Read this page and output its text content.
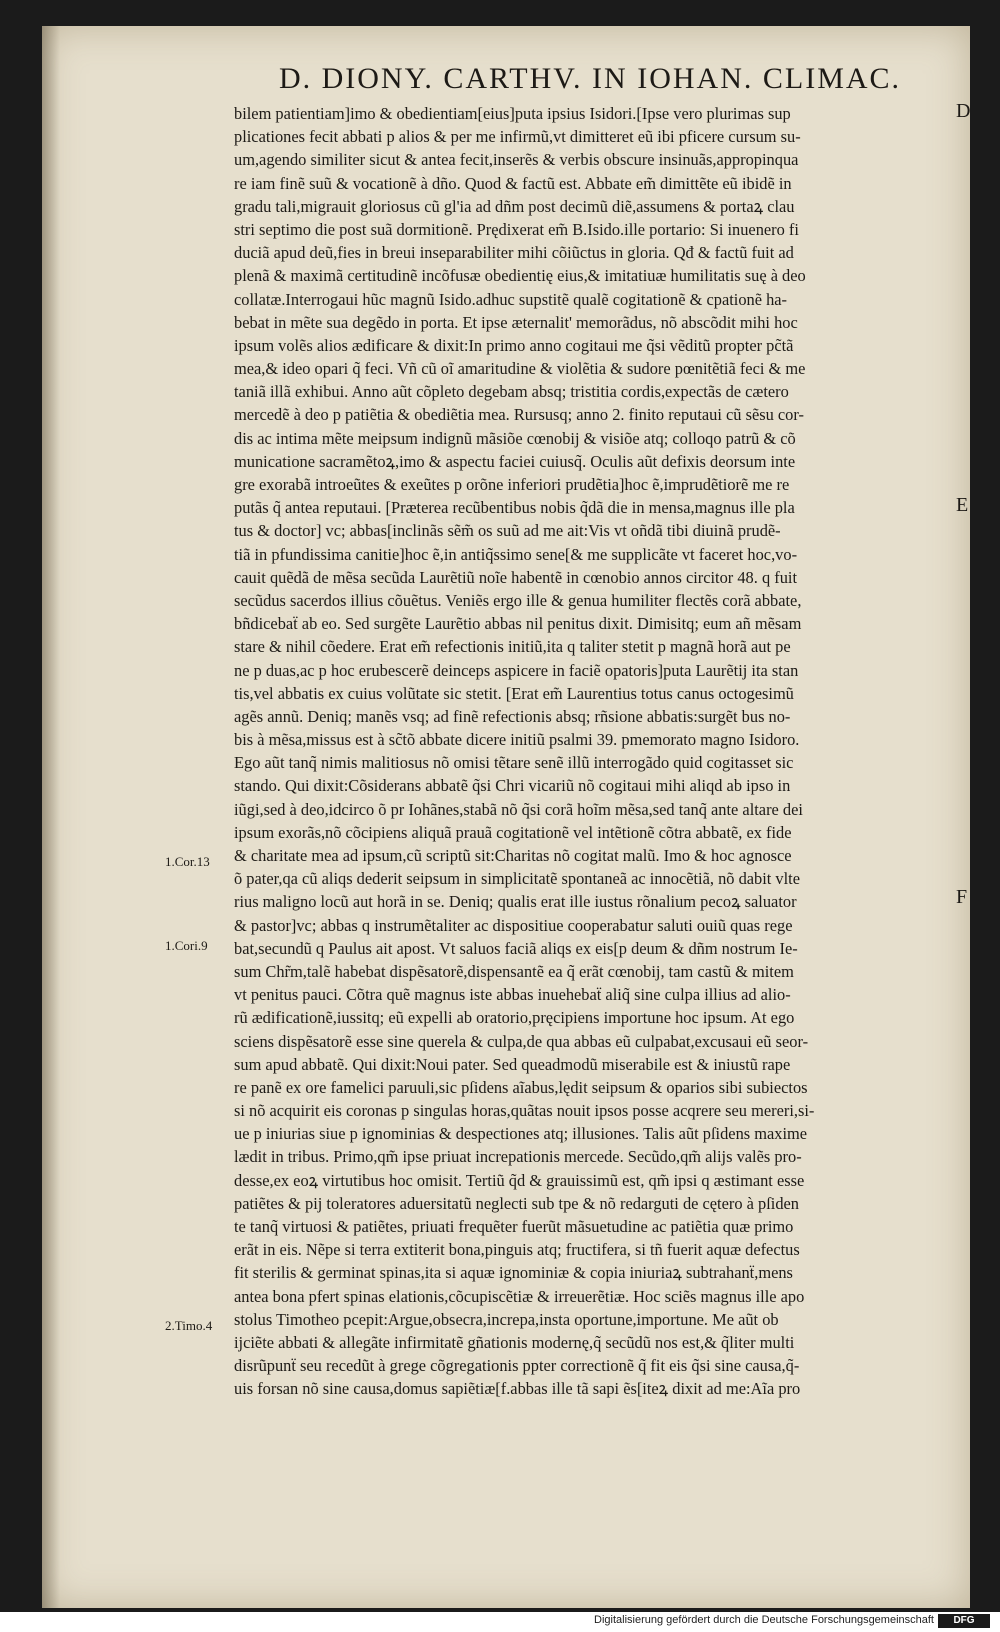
D. DIONY. CARTHV. IN IOHAN. CLIMAC.
bilem patientiam]imo & obedientiam[eius]puta ipsius Isidori.[Ipse vero plurimas sup
plicationes fecit abbati p alios & per me infirmũ,vt dimitteret eũ ibi pficere cursum su-
um,agendo similiter sicut & antea fecit,inserẽs & verbis obscure insinuãs,appropinqua
re iam finẽ suũ & vocationẽ à dño. Quod & factũ est. Abbate em̃ dimittẽte eũ ibidẽ in
gradu tali,migrauit gloriosus cũ gl'ia ad dñm post decimũ diẽ,assumens & portaꝝ clau
stri septimo die post suã dormitionẽ. Prędixerat em̃ B.Isido.ille portario: Si inuenero fi
duciã apud deũ,fies in breui inseparabiliter mihi cõiũctus in gloria. Qđ & factũ fuit ad
plenã & maximã certitudinẽ incõfusæ obedientię eius,& imitatiuæ humilitatis suę à deo
collatæ.Interrogaui hũc magnũ Isido.adhuc supstitẽ qualẽ cogitationẽ & cpationẽ ha-
bebat in mẽte sua degẽdo in porta. Et ipse æternalit' memorãdus, nõ abscõdit mihi hoc
ipsum volẽs alios ædificare & dixit:In primo anno cogitaui me q̃si vẽditũ propter pc̃tã
mea,& ideo opari q̃ feci. Vñ cũ oĩ amaritudine & violẽtia & sudore pœnitẽtiã feci & me
taniã illã exhibui. Anno aũt cõpleto degebam absq; tristitia cordis,expectãs de cætero
mercedẽ à deo p patiẽtia & obediẽtia mea. Rursusq; anno 2. finito reputaui cũ sẽsu cor-
dis ac intima mẽte meipsum indignũ mãsiõe cœnobij & visiõe atq; colloqo patrũ & cõ
municatione sacramẽtoꝝ,imo & aspectu faciei cuiusq̃. Oculis aũt defixis deorsum inte
gre exorabã introeũtes & exeũtes p orõne inferiori prudẽtia]hoc ẽ,imprudẽtiorẽ me re
putãs q̃ antea reputaui. [Præterea recũbentibus nobis q̃dã die in mensa,magnus ille pla
tus & doctor] vc; abbas[inclinãs sẽm̃ os suũ ad me ait:Vis vt oñdã tibi diuinã prudẽ-
tiã in pfundissima canitie]hoc ẽ,in antiq̃ssimo sene[& me supplicãte vt faceret hoc,vo-
cauit quẽdã de mẽsa secũda Laurẽtiũ noĩe habentẽ in cœnobio annos circitor 48. q fuit
secũdus sacerdos illius cõuẽtus. Veniẽs ergo ille & genua humiliter flectẽs corã abbate,
bñdicebaẗ ab eo. Sed surgẽte Laurẽtio abbas nil penitus dixit. Dimisitq; eum añ mẽsam
stare & nihil cõedere. Erat em̃ refectionis initiũ,ita q taliter stetit p magnã horã aut pe
ne p duas,ac p hoc erubescerẽ deinceps aspicere in faciẽ opatoris]puta Laurẽtij ita stan
tis,vel abbatis ex cuius volũtate sic stetit. [Erat em̃ Laurentius totus canus octogesimũ
agẽs annũ. Deniq; manẽs vsq; ad finẽ refectionis absq; rñsione abbatis:surgẽt bus no-
bis à mẽsa,missus est à sc̃tõ abbate dicere initiũ psalmi 39. pmemorato magno Isidoro.
Ego aũt tanq̃ nimis malitiosus nõ omisi tẽtare senẽ illũ interrogãdo quid cogitasset sic
stando. Qui dixit:Cõsiderans abbatẽ q̃si Chri vicariũ nõ cogitaui mihi aliqd ab ipso in
iũgi,sed à deo,idcirco õ pr Iohãnes,stabã nõ q̃si corã hoĩm mẽsa,sed tanq̃ ante altare dei
ipsum exorãs,nõ cõcipiens aliquã prauã cogitationẽ vel intẽtionẽ cõtra abbatẽ, ex fide
& charitate mea ad ipsum,cũ scriptũ sit:Charitas nõ cogitat malũ. Imo & hoc agnosce
õ pater,qa cũ aliqs dederit seipsum in simplicitatẽ spontaneã ac innocẽtiã, nõ dabit vlte
rius maligno locũ aut horã in se. Deniq; qualis erat ille iustus rõnalium pecoꝝ saluator
& pastor]vc; abbas q instrumẽtaliter ac dispositiue cooperabatur saluti ouiũ quas rege
bat,secundũ q Paulus ait apost. Vt saluos faciã aliqs ex eis[p deum & dñm nostrum Ie-
sum Chr̃m,talẽ habebat dispẽsatorẽ,dispensantẽ ea q̃ erãt cœnobij, tam castũ & mitem
vt penitus pauci. Cõtra quẽ magnus iste abbas inuehebaẗ aliq̃ sine culpa illius ad alio-
rũ ædificationẽ,iussitq; eũ expelli ab oratorio,pręcipiens importune hoc ipsum. At ego
sciens dispẽsatorẽ esse sine querela & culpa,de qua abbas eũ culpabat,excusaui eũ seor-
sum apud abbatẽ. Qui dixit:Noui pater. Sed queadmodũ miserabile est & iniustũ rape
re panẽ ex ore famelici paruuli,sic pſidens aĩabus,lędit seipsum & oparios sibi subiectos
si nõ acquirit eis coronas p singulas horas,quãtas nouit ipsos posse acqrere seu mereri,si-
ue p iniurias siue p ignominias & despectiones atq; illusiones. Talis aũt pſidens maxime
lædit in tribus. Primo,qm̃ ipse priuat increpationis mercede. Secũdo,qm̃ alijs valẽs pro-
desse,ex eoꝝ virtutibus hoc omisit. Tertiũ q̃d & grauissimũ est, qm̃ ipsi q æstimant esse
patiẽtes & pij toleratores aduersitatũ neglecti sub tpe & nõ redarguti de cętero à pſiden
te tanq̃ virtuosi & patiẽtes, priuati frequẽter fuerũt mãsuetudine ac patiẽtia quæ primo
erãt in eis. Nẽpe si terra extiterit bona,pinguis atq; fructifera, si tñ fuerit aquæ defectus
fit sterilis & germinat spinas,ita si aquæ ignominiæ & copia iniuriaꝝ subtrahanẗ,mens
antea bona pfert spinas elationis,cõcupiscẽtiæ & irreuerẽtiæ. Hoc sciẽs magnus ille apo
stolus Timotheo pcepit:Argue,obsecra,increpa,insta oportune,importune. Me aũt ob
ijciẽte abbati & allegãte infirmitatẽ gñationis modernę,q̃ secũdũ nos est,& q̃liter multi
disrũpunẗ seu recedũt à grege cõgregationis ppter correctionẽ q̃ fit eis q̃si sine causa,q̃-
uis forsan nõ sine causa,domus sapiẽtiæ[f.abbas ille tã sapi ẽs[iteꝝ dixit ad me:Aĩa pro
1.Cor.13
1.Cori.9
2.Timo.4
D
E
F
Digitalisierung gefördert durch die Deutsche Forschungsgemeinschaft	DFG
